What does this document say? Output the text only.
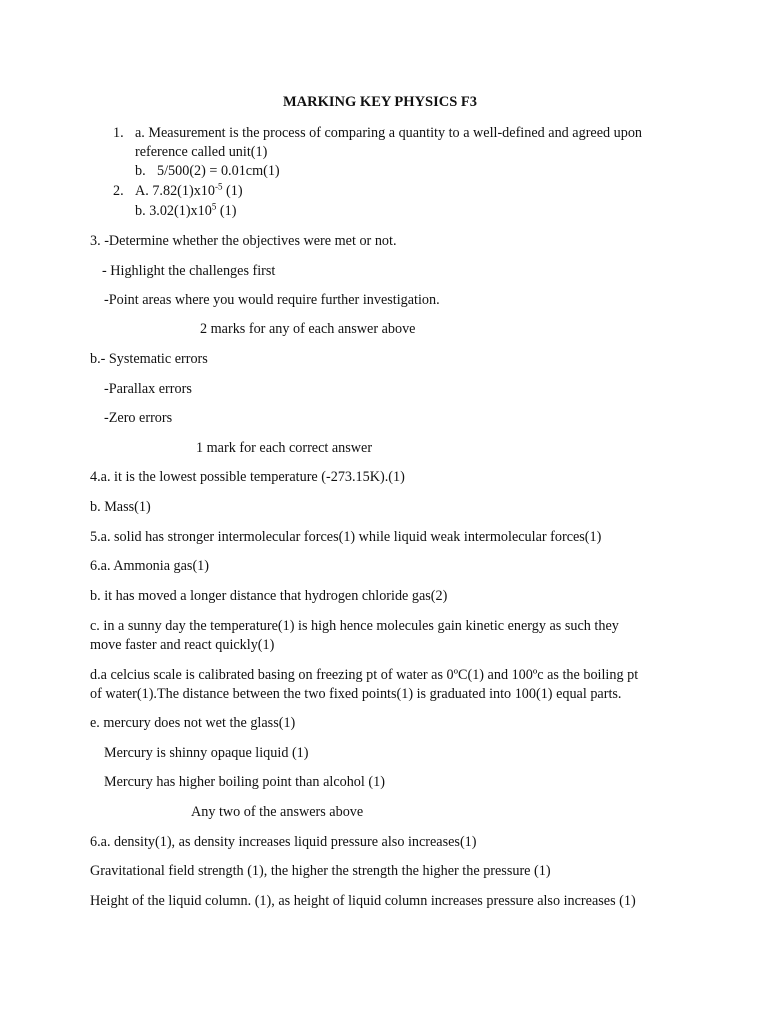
MARKING KEY PHYSICS F3
1. a. Measurement is the process of comparing a quantity to a well-defined and agreed upon
reference called unit(1)
b. 5/500(2) = 0.01cm(1)
2. A. $7.82(1)x10^{-5}$ (1)
b. $3.02(1)x10^5$ (1)
3. -Determine whether the objectives were met or not.
- Highlight the challenges first
-Point areas where you would require further investigation.
2 marks for any of each answer above
b.- Systematic errors
-Parallax errors
-Zero errors
1 mark for each correct answer
4.a. it is the lowest possible temperature (-273.15K).(1)
b. Mass(1)
5.a. solid has stronger intermolecular forces(1) while liquid weak intermolecular forces(1)
6.a. Ammonia gas(1)
b. it has moved a longer distance that hydrogen chloride gas(2)
c. in a sunny day the temperature(1) is high hence molecules gain kinetic energy as such they
move faster and react quickly(1)
d.a celcius scale is calibrated basing on freezing pt of water as 0ºC(1) and 100ºc as the boiling pt
of water(1).The distance between the two fixed points(1) is graduated into 100(1) equal parts.
e. mercury does not wet the glass(1)
Mercury is shinny opaque liquid (1)
Mercury has higher boiling point than alcohol (1)
Any two of the answers above
6.a. density(1), as density increases liquid pressure also increases(1)
Gravitational field strength (1), the higher the strength the higher the pressure (1)
Height of the liquid column. (1), as height of liquid column increases pressure also increases (1)
